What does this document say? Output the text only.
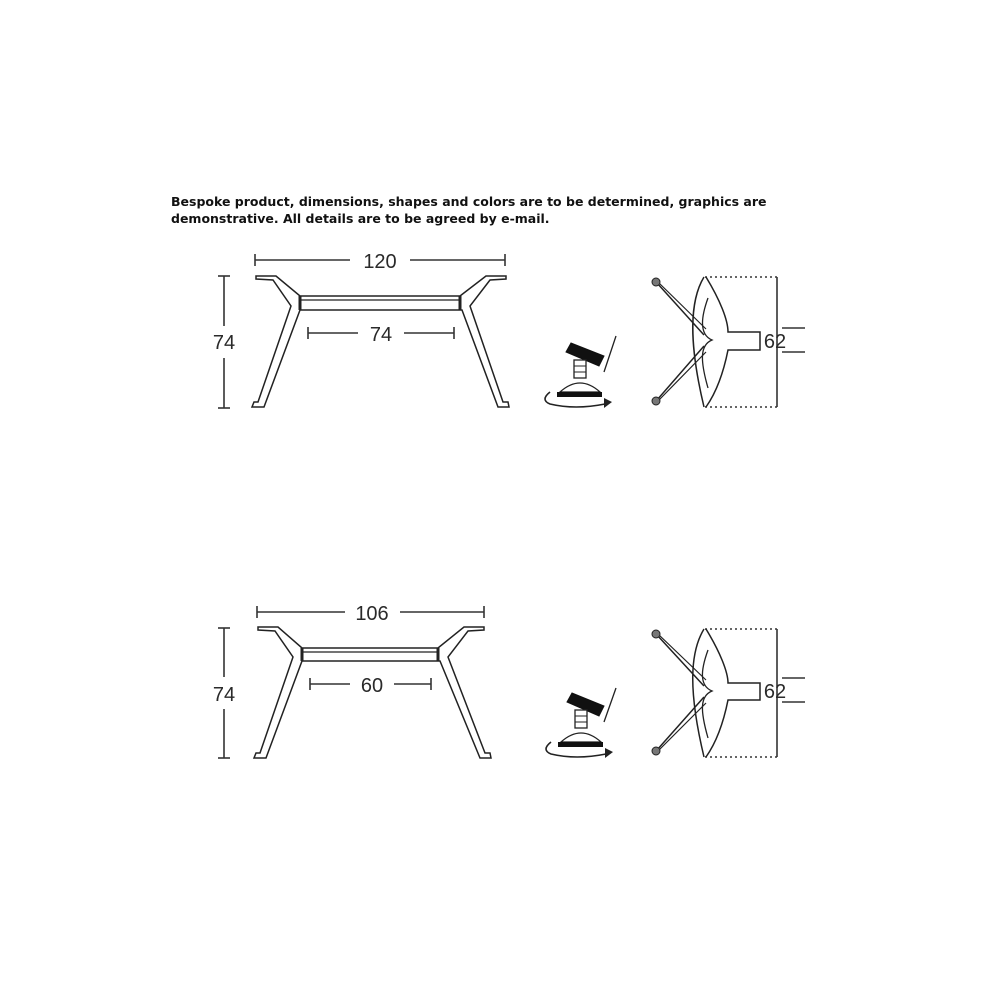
Bespoke product, dimensions, shapes and colors are to be determined, graphics are
demonstrative. All details are to be agreed by e-mail.
120
74	74	62
106
74	60	62
